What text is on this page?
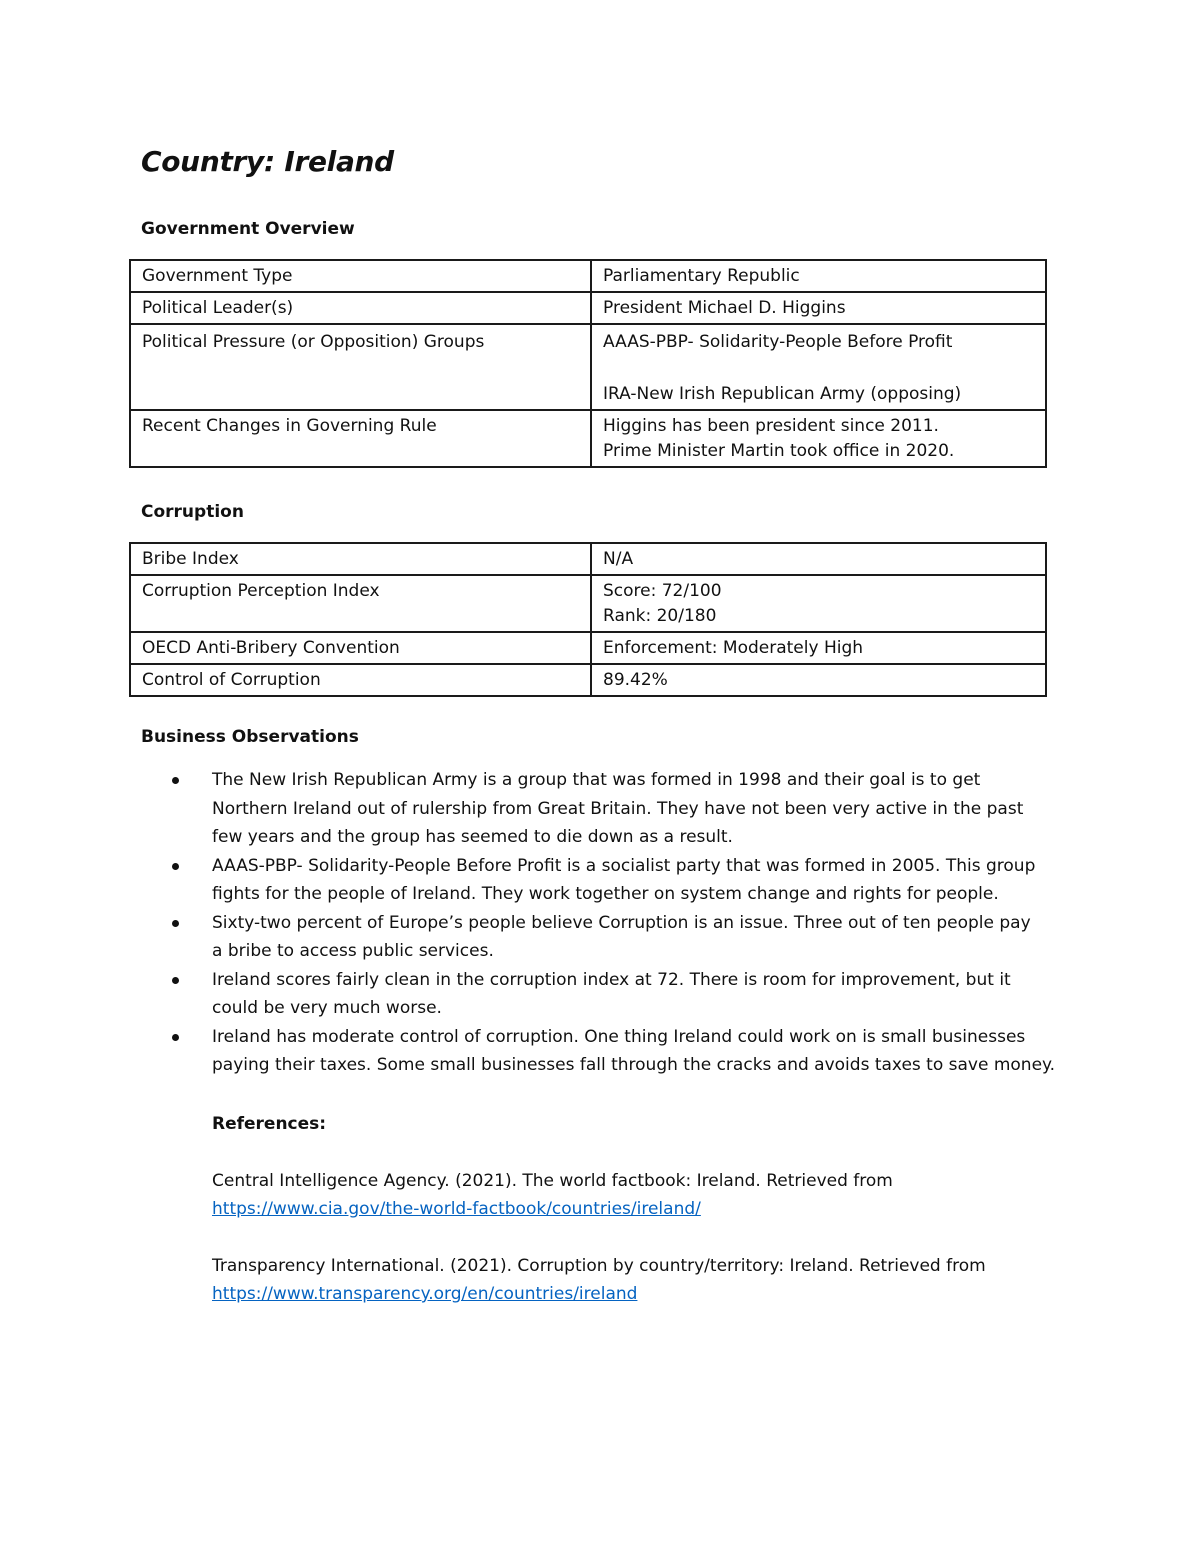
Country: Ireland
Government Overview
Government Type	Parliamentary Republic

Political Leader(s)	President Michael D. Higgins

Political Pressure (or Opposition) Groups	AAAS-PBP- Solidarity-People Before Profit
IRA-New Irish Republican Army (opposing)

Recent Changes in Governing Rule	Higgins has been president since 2011.
Prime Minister Martin took office in 2020.
Corruption
Bribe Index	N/A

Corruption Perception Index	Score: 72/100
Rank: 20/180

OECD Anti-Bribery Convention	Enforcement: Moderately High

Control of Corruption	89.42%
Business Observations
The New Irish Republican Army is a group that was formed in 1998 and their goal is to get
Northern Ireland out of rulership from Great Britain. They have not been very active in the past
few years and the group has seemed to die down as a result.
AAAS-PBP- Solidarity-People Before Profit is a socialist party that was formed in 2005. This group
fights for the people of Ireland. They work together on system change and rights for people.
Sixty-two percent of Europe’s people believe Corruption is an issue. Three out of ten people pay
a bribe to access public services.
Ireland scores fairly clean in the corruption index at 72. There is room for improvement, but it
could be very much worse.
Ireland has moderate control of corruption. One thing Ireland could work on is small businesses
paying their taxes. Some small businesses fall through the cracks and avoids taxes to save money.
References:

Central Intelligence Agency. (2021). The world factbook: Ireland. Retrieved from
https://www.cia.gov/the-world-factbook/countries/ireland/

Transparency International. (2021). Corruption by country/territory: Ireland. Retrieved from
https://www.transparency.org/en/countries/ireland
